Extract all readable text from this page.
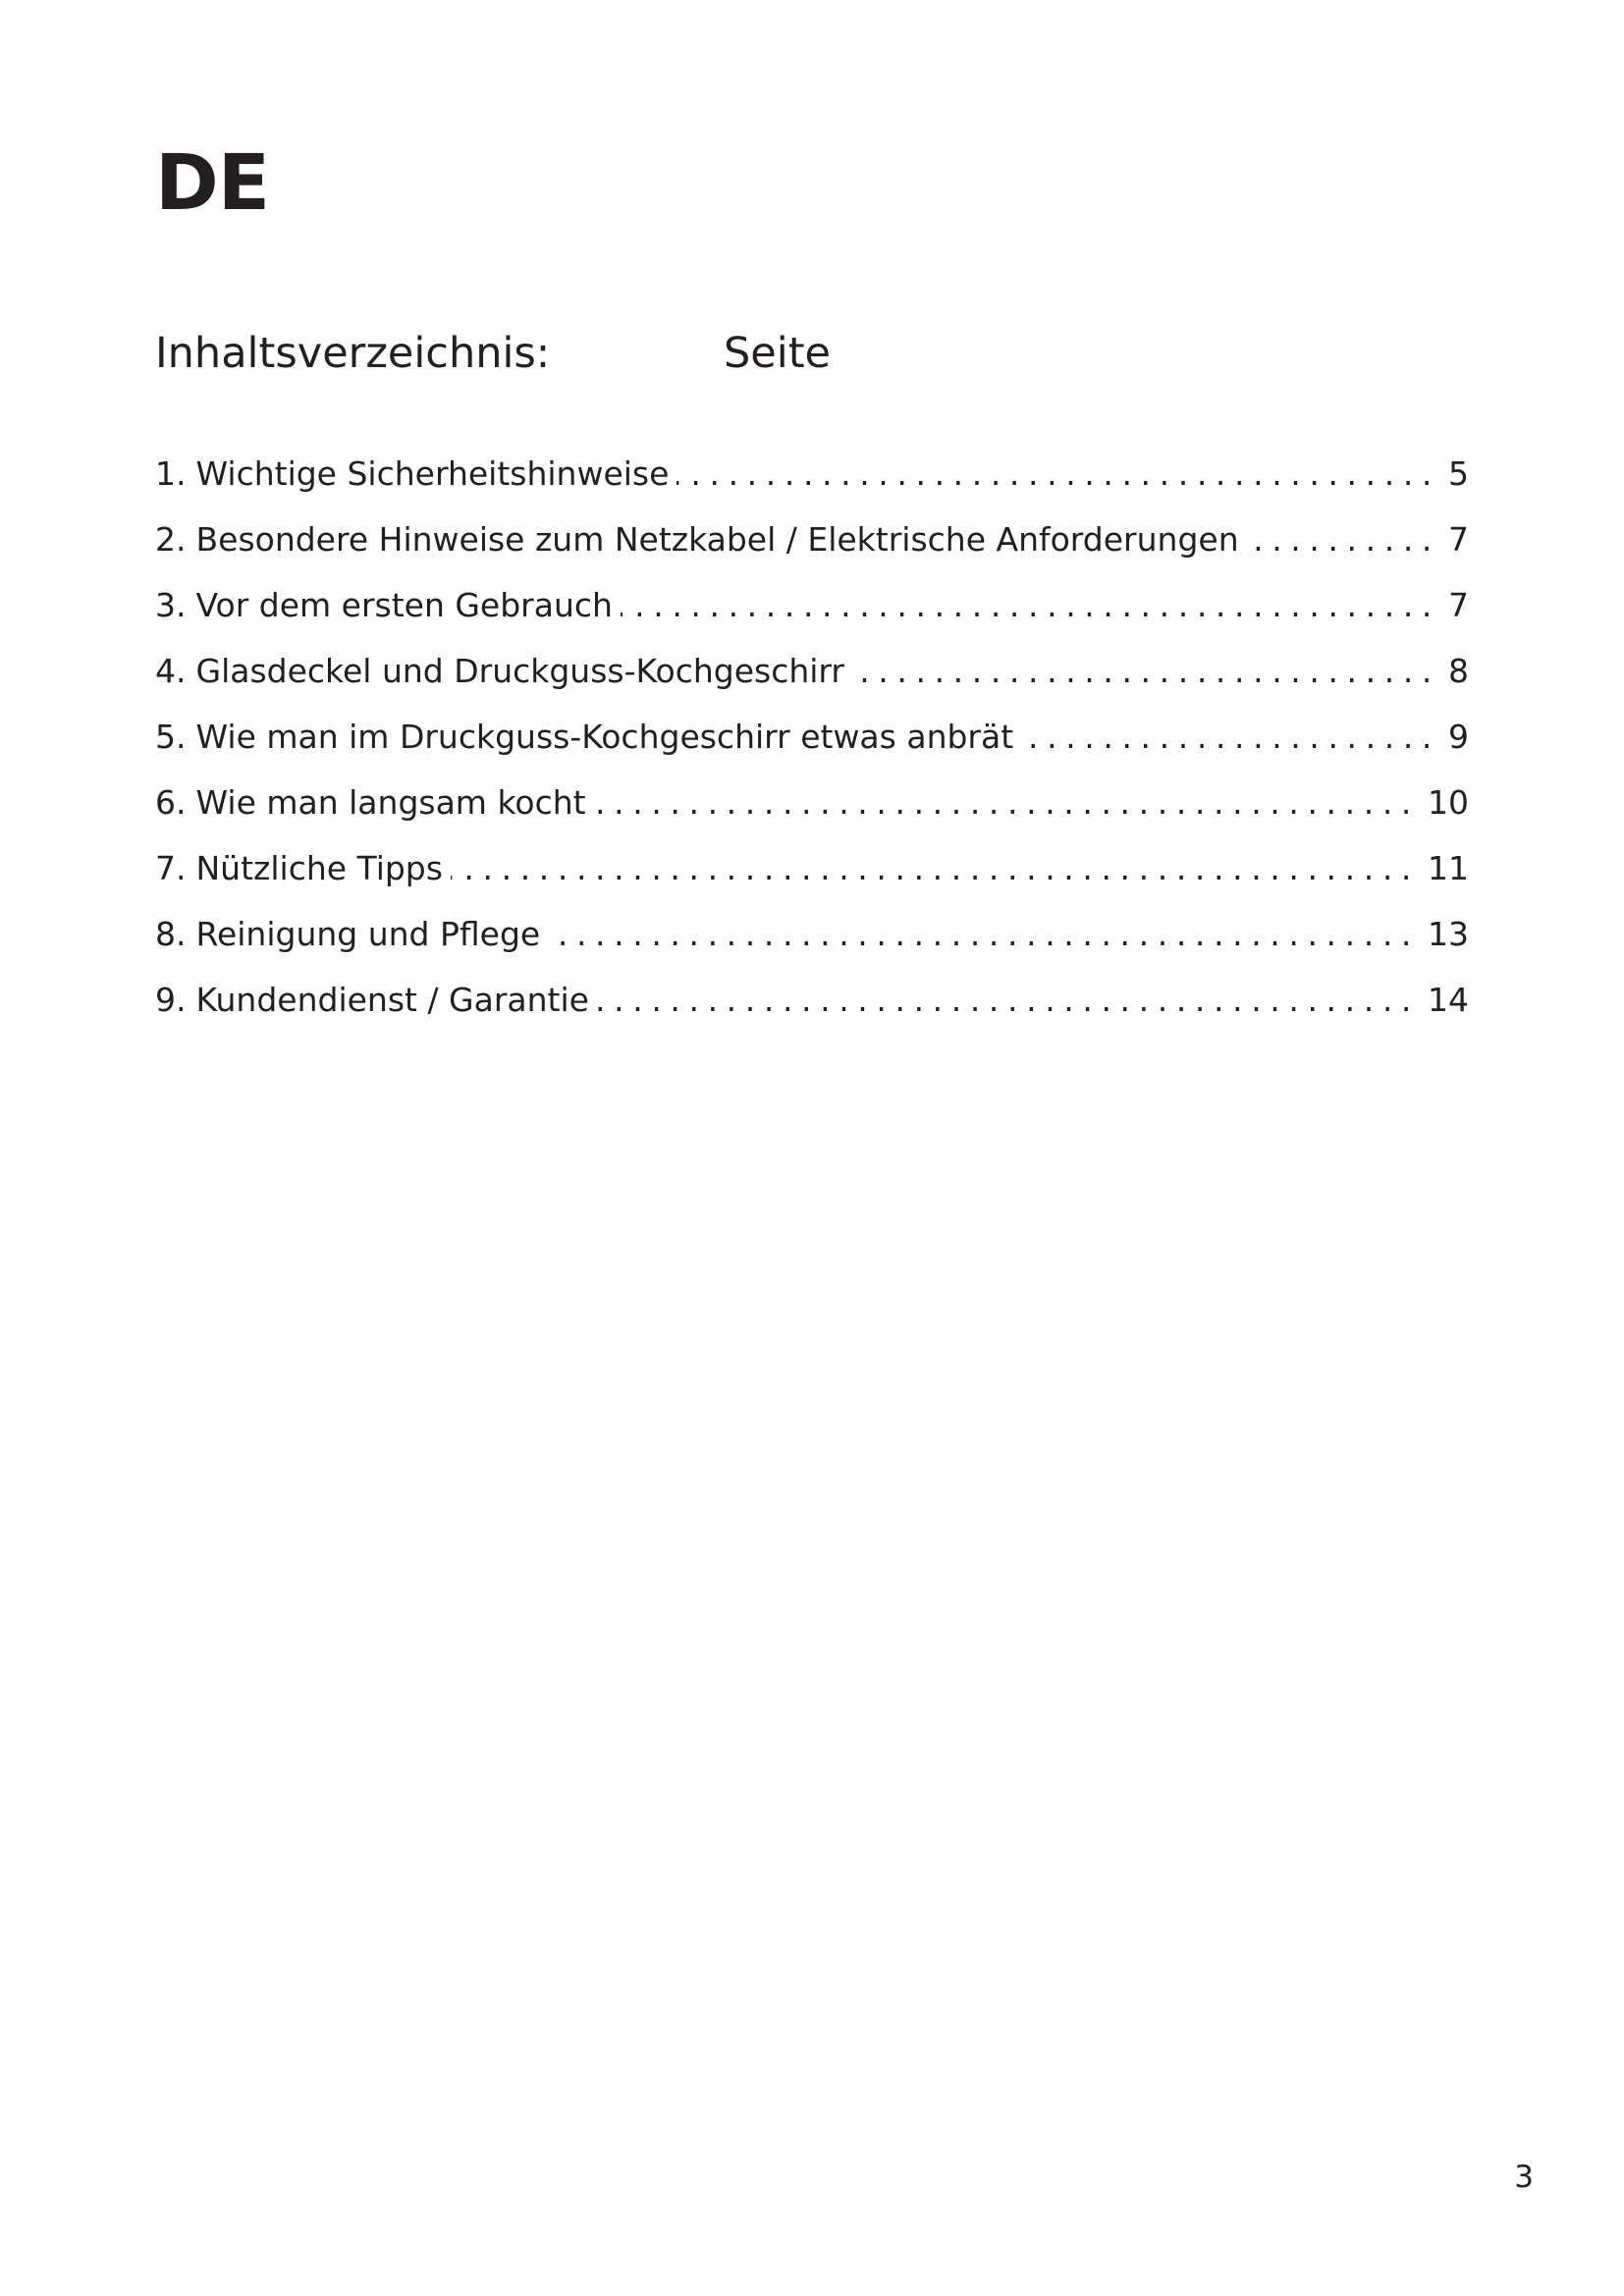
DE
Inhaltsverzeichnis:	Seite
1. Wichtige Sicherheitshinweise .....	5
2. Besondere Hinweise zum Netzkabel / Elektrische Anforderungen .....	7
3. Vor dem ersten Gebrauch .....	7
4. Glasdeckel und Druckguss-Kochgeschirr .....	8
5. Wie man im Druckguss-Kochgeschirr etwas anbrät .....	9
6. Wie man langsam kocht .....	10
7. Nützliche Tipps .....	11
8. Reinigung und Pflege .....	13
9. Kundendienst / Garantie .....	14
3
